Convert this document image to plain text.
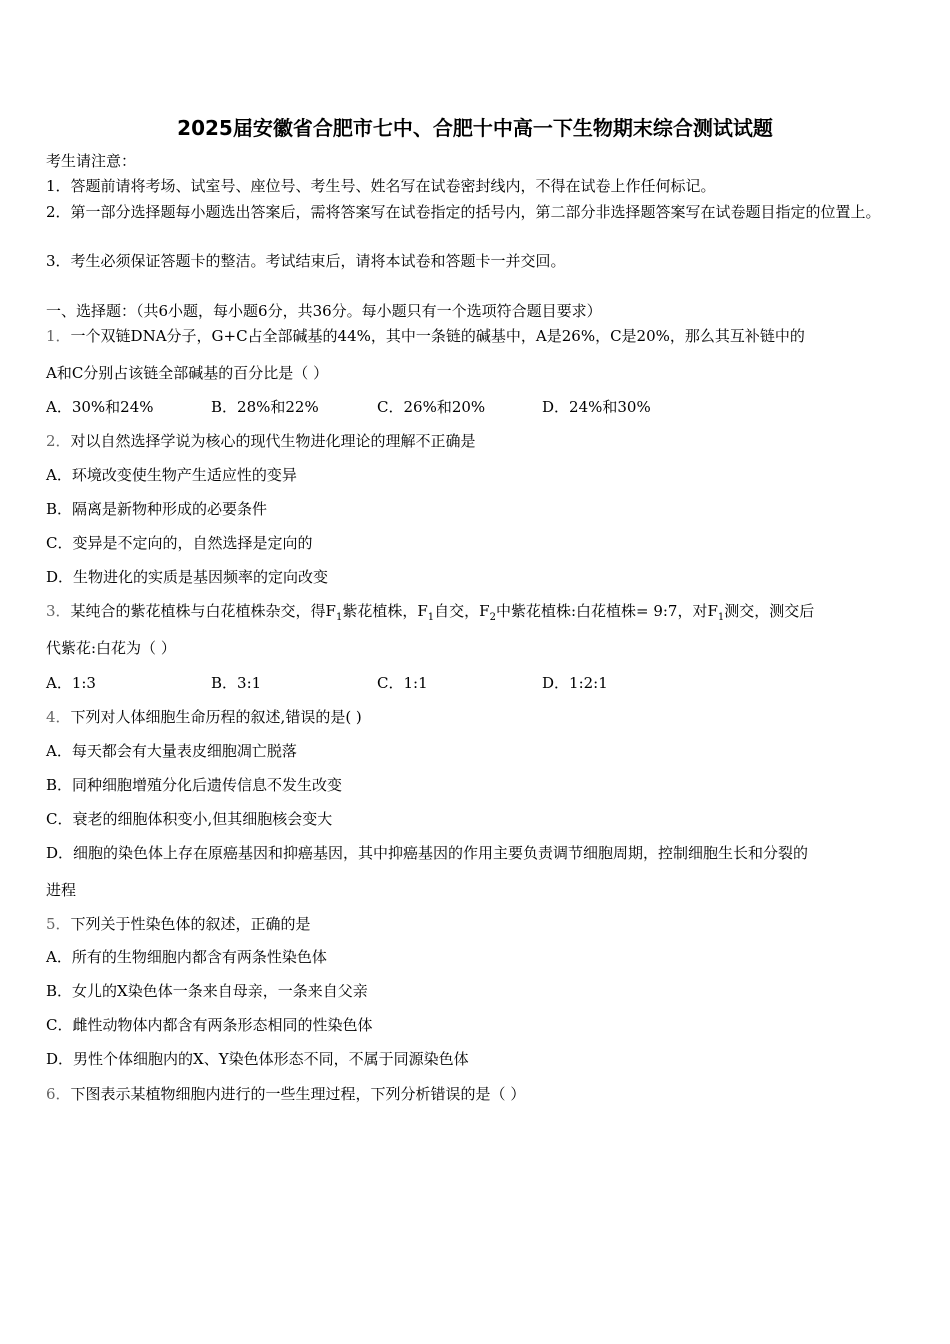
2025届安徽省合肥市七中、合肥十中高一下生物期末综合测试试题
考生请注意：
1．答题前请将考场、试室号、座位号、考生号、姓名写在试卷密封线内，不得在试卷上作任何标记。
2．第一部分选择题每小题选出答案后，需将答案写在试卷指定的括号内，第二部分非选择题答案写在试卷题目指定的位置上。
3．考生必须保证答题卡的整洁。考试结束后，请将本试卷和答题卡一并交回。
一、选择题：（共6小题，每小题6分，共36分。每小题只有一个选项符合题目要求）
1．一个双链DNA分子，G+C占全部碱基的44%，其中一条链的碱基中，A是26%，C是20%，那么其互补链中的
A和C分别占该链全部碱基的百分比是（ ）
A．30%和24%	B．28%和22%	C．26%和20%	D．24%和30%
2．对以自然选择学说为核心的现代生物进化理论的理解不正确是
A．环境改变使生物产生适应性的变异
B．隔离是新物种形成的必要条件
C．变异是不定向的，自然选择是定向的
D．生物进化的实质是基因频率的定向改变
3．某纯合的紫花植株与白花植株杂交，得$F_1$紫花植株，$F_1$自交，$F_2$中紫花植株:白花植株= 9:7，对$F_1$测交，测交后
代紫花:白花为（ ）
A．1:3	B．3:1	C．1:1	D．1:2:1
4．下列对人体细胞生命历程的叙述,错误的是( )
A．每天都会有大量表皮细胞凋亡脱落
B．同种细胞增殖分化后遗传信息不发生改变
C．衰老的细胞体积变小,但其细胞核会变大
D．细胞的染色体上存在原癌基因和抑癌基因，其中抑癌基因的作用主要负责调节细胞周期，控制细胞生长和分裂的
进程
5．下列关于性染色体的叙述，正确的是
A．所有的生物细胞内都含有两条性染色体
B．女儿的X染色体一条来自母亲，一条来自父亲
C．雌性动物体内都含有两条形态相同的性染色体
D．男性个体细胞内的X、Y染色体形态不同，不属于同源染色体
6．下图表示某植物细胞内进行的一些生理过程，下列分析错误的是（ ）
